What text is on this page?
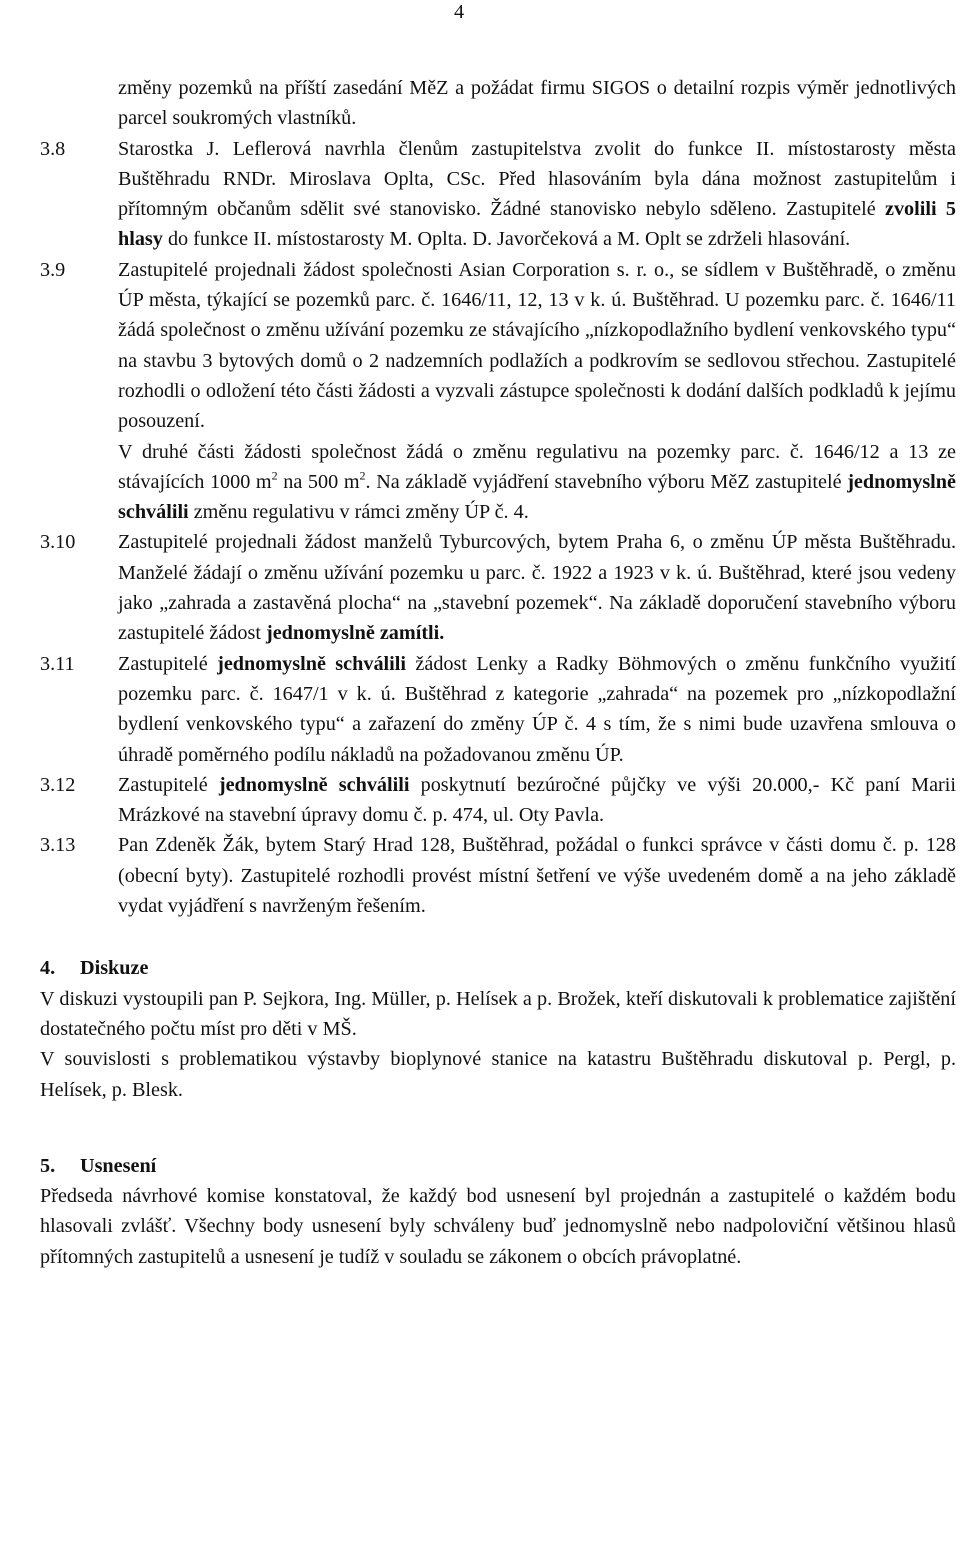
4

změny pozemků na příští zasedání MěZ a požádat firmu SIGOS o detailní rozpis výměr jednotlivých parcel soukromých vlastníků.

3.8	Starostka J. Leflerová navrhla členům zastupitelstva zvolit do funkce II. místostarosty města Buštěhradu RNDr. Miroslava Oplta, CSc. Před hlasováním byla dána možnost zastupitelům i přítomným občanům sdělit své stanovisko. Žádné stanovisko nebylo sděleno. Zastupitelé zvolili 5 hlasy do funkce II. místostarosty M. Oplta. D. Javorčeková a M. Oplt se zdrželi hlasování.

3.9	Zastupitelé projednali žádost společnosti Asian Corporation s. r. o., se sídlem v Buštěhradě, o změnu ÚP města, týkající se pozemků parc. č. 1646/11, 12, 13 v k. ú. Buštěhrad. U pozemku parc. č. 1646/11 žádá společnost o změnu užívání pozemku ze stávajícího „nízkopodlažního bydlení venkovského typu“ na stavbu 3 bytových domů o 2 nadzemních podlažích a podkrovím se sedlovou střechou. Zastupitelé rozhodli o odložení této části žádosti a vyzvali zástupce společnosti k dodání dalších podkladů k jejímu posouzení.

V druhé části žádosti společnost žádá o změnu regulativu na pozemky parc. č. 1646/12 a 13 ze stávajících 1000 $m^2$ na 500 $m^2$. Na základě vyjádření stavebního výboru MěZ zastupitelé jednomyslně schválili změnu regulativu v rámci změny ÚP č. 4.

3.10 Zastupitelé projednali žádost manželů Tyburcových, bytem Praha 6, o změnu ÚP města Buštěhradu. Manželé žádají o změnu užívání pozemku u parc. č. 1922 a 1923 v k. ú. Buštěhrad, které jsou vedeny jako „zahrada a zastavěná plocha“ na „stavební pozemek“. Na základě doporučení stavebního výboru zastupitelé žádost jednomyslně zamítli.

3.11 Zastupitelé jednomyslně schválili žádost Lenky a Radky Böhmových o změnu funkčního využití pozemku parc. č. 1647/1 v k. ú. Buštěhrad z kategorie „zahrada“ na pozemek pro „nízkopodlažní bydlení venkovského typu“ a zařazení do změny ÚP č. 4 s tím, že s nimi bude uzavřena smlouva o úhradě poměrného podílu nákladů na požadovanou změnu ÚP.

3.12 Zastupitelé jednomyslně schválili poskytnutí bezúročné půjčky ve výši 20.000,- Kč paní Marii Mrázkové na stavební úpravy domu č. p. 474, ul. Oty Pavla.

3.13 Pan Zdeněk Žák, bytem Starý Hrad 128, Buštěhrad, požádal o funkci správce v části domu č. p. 128 (obecní byty). Zastupitelé rozhodli provést místní šetření ve výše uvedeném domě a na jeho základě vydat vyjádření s navrženým řešením.

4. Diskuze

V diskuzi vystoupili pan P. Sejkora, Ing. Müller, p. Helísek a p. Brožek, kteří diskutovali k problematice zajištění dostatečného počtu míst pro děti v MŠ.

V souvislosti s problematikou výstavby bioplynové stanice na katastru Buštěhradu diskutoval p. Pergl, p. Helísek, p. Blesk.

5. Usnesení

Předseda návrhové komise konstatoval, že každý bod usnesení byl projednán a zastupitelé o každém bodu hlasovali zvlášť. Všechny body usnesení byly schváleny buď jednomyslně nebo nadpoloviční většinou hlasů přítomných zastupitelů a usnesení je tudíž v souladu se zákonem o obcích právoplatné.
